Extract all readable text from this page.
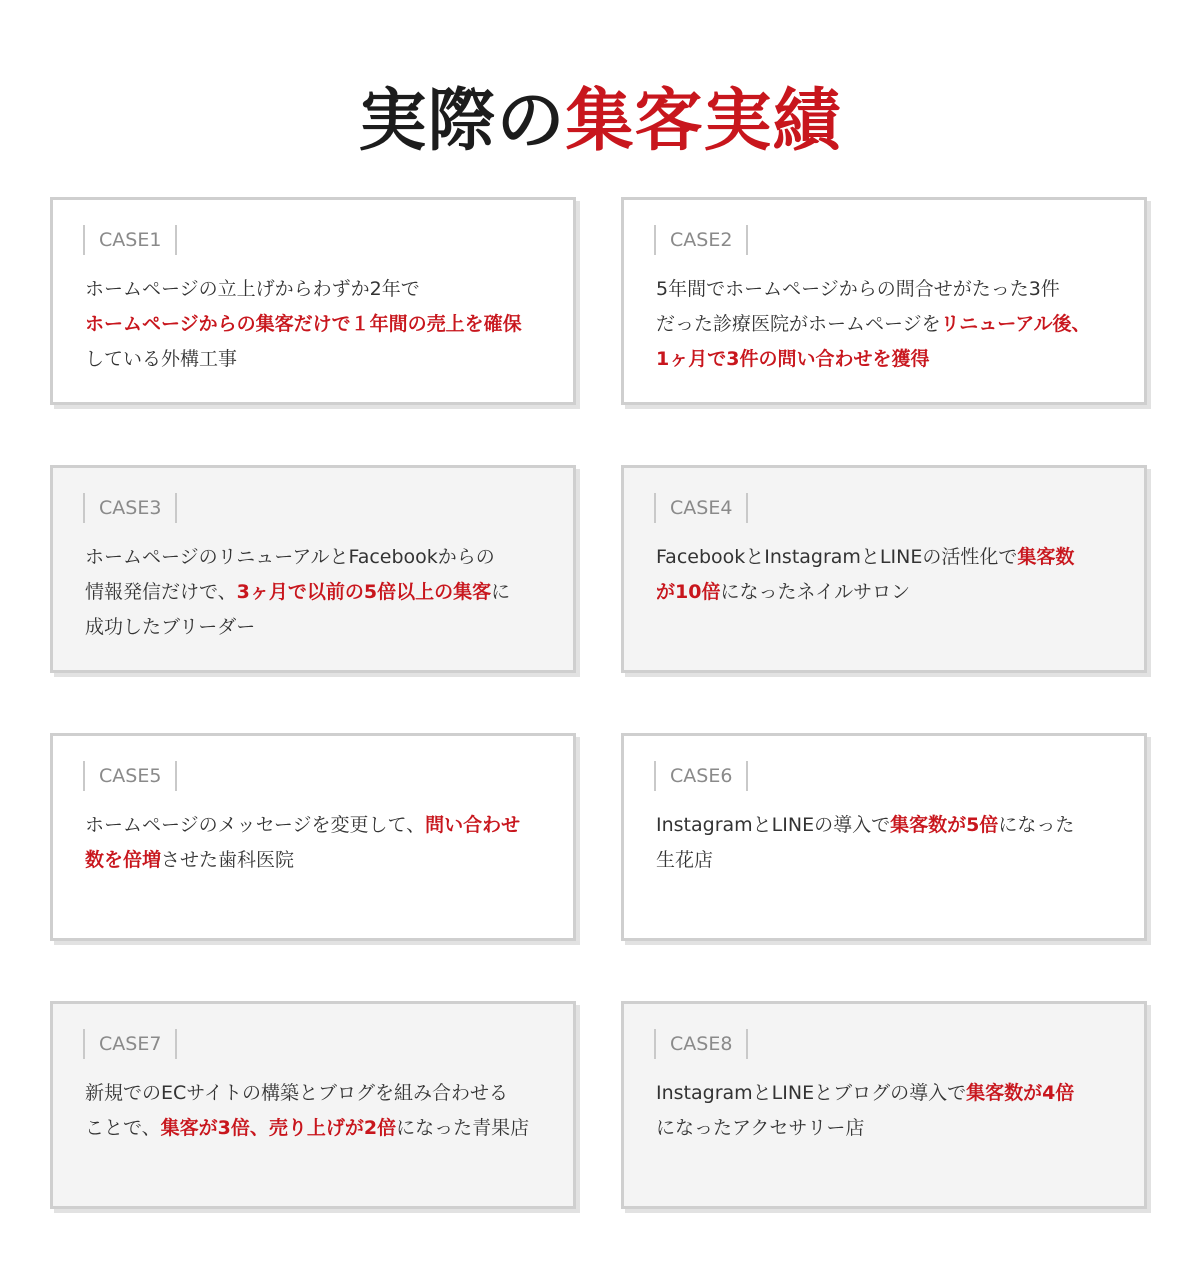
実際の集客実績
CASE1
ホームページの立上げからわずか2年で
ホームページからの集客だけで１年間の売上を確保
している外構工事
CASE2
5年間でホームページからの問合せがたった3件
だった診療医院がホームページをリニューアル後、
1ヶ月で3件の問い合わせを獲得
CASE3
ホームページのリニューアルとFacebookからの
情報発信だけで、3ヶ月で以前の5倍以上の集客に
成功したブリーダー
CASE4
FacebookとInstagramとLINEの活性化で集客数
が10倍になったネイルサロン
CASE5
ホームページのメッセージを変更して、問い合わせ
数を倍増させた歯科医院
CASE6
InstagramとLINEの導入で集客数が5倍になった
生花店
CASE7
新規でのECサイトの構築とブログを組み合わせる
ことで、集客が3倍、売り上げが2倍になった青果店
CASE8
InstagramとLINEとブログの導入で集客数が4倍
になったアクセサリー店
